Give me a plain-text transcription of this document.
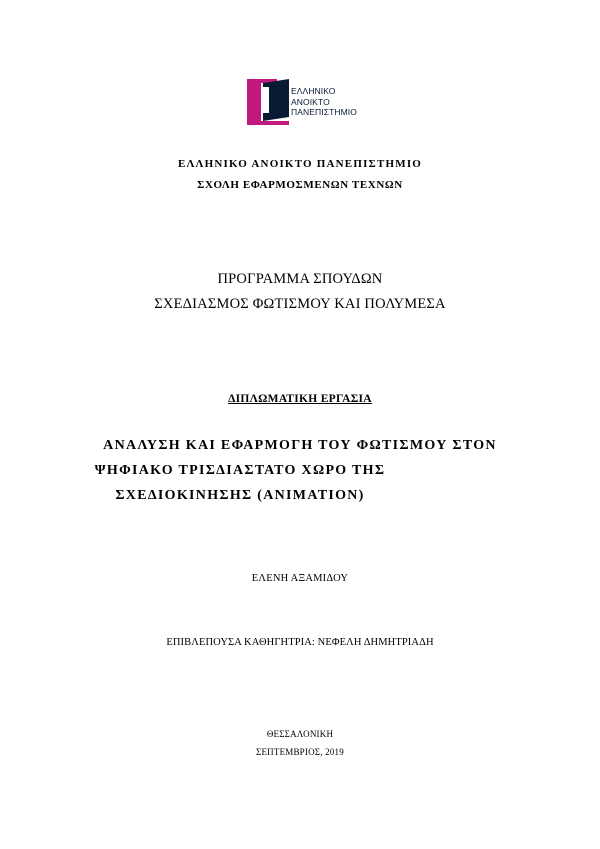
ΕΛΛΗΝΙΚΟ
ΑΝΟΙΚΤΟ
ΠΑΝΕΠΙΣΤΗΜΙΟ
ΕΛΛΗΝΙΚΟ ΑΝΟΙΚΤΟ ΠΑΝΕΠΙΣΤΗΜΙΟ
ΣΧΟΛΗ ΕΦΑΡΜΟΣΜΕΝΩΝ ΤΕΧΝΩΝ
ΠΡΟΓΡΑΜΜΑ ΣΠΟΥΔΩΝ
ΣΧΕΔΙΑΣΜΟΣ ΦΩΤΙΣΜΟΥ ΚΑΙ ΠΟΛΥΜΕΣΑ
ΔΙΠΛΩΜΑΤΙΚΗ ΕΡΓΑΣΙΑ
ΑΝΑΛΥΣΗ ΚΑΙ ΕΦΑΡΜΟΓΗ ΤΟΥ ΦΩΤΙΣΜΟΥ ΣΤΟΝ
ΨΗΦΙΑΚΟ ΤΡΙΣΔΙΑΣΤΑΤΟ ΧΩΡΟ ΤΗΣ
ΣΧΕΔΙΟΚΙΝΗΣΗΣ (ANIMATION)
ΕΛΕΝΗ ΑΞΑΜΙΔΟΥ
ΕΠΙΒΛΕΠΟΥΣΑ ΚΑΘΗΓΗΤΡΙΑ: ΝΕΦΕΛΗ ΔΗΜΗΤΡΙΑΔΗ
ΘΕΣΣΑΛΟΝΙΚΗ
ΣΕΠΤΕΜΒΡΙΟΣ, 2019
